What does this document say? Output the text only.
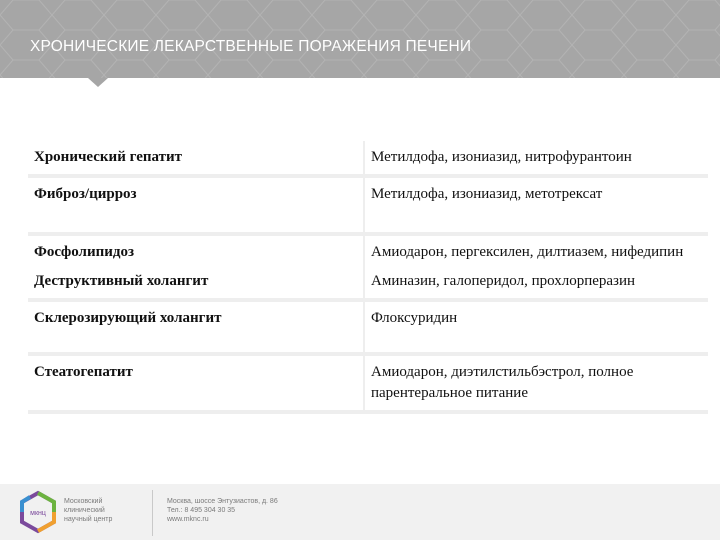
ХРОНИЧЕСКИЕ ЛЕКАРСТВЕННЫЕ ПОРАЖЕНИЯ ПЕЧЕНИ
Хронический гепатит	Метилдофа, изониазид, нитрофурантоин
Фиброз/цирроз	Метилдофа, изониазид, метотрексат
Фосфолипидоз	Амиодарон, пергексилен, дилтиазем, нифедипин
Деструктивный холангит	Аминазин, галоперидол, прохлорперазин
Склерозирующий холангит	Флоксуридин
Стеатогепатит	Амиодарон, диэтилстильбэстрол, полное парентеральное питание
мкнц
Московский
клинический
научный центр
Москва, шоссе Энтузиастов, д. 86
Тел.: 8 495 304 30 35
www.mknc.ru
